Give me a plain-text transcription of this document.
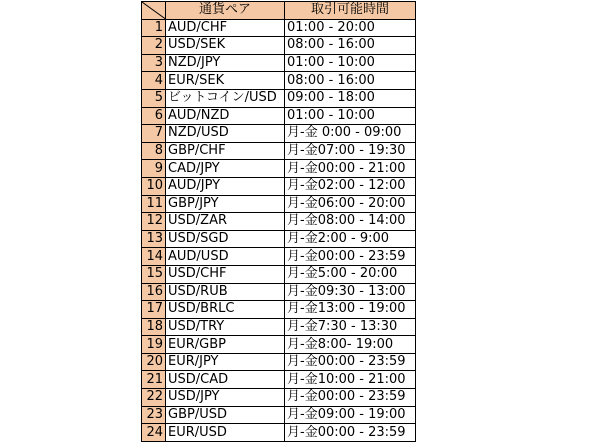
	通貨ペア	取引可能時間
1	AUD/CHF	01:00 - 20:00
2	USD/SEK	08:00 - 16:00
3	NZD/JPY	01:00 - 10:00
4	EUR/SEK	08:00 - 16:00
5	ビットコイン/USD	09:00 - 18:00
6	AUD/NZD	01:00 - 10:00
7	NZD/USD	月-金 0:00 - 09:00
8	GBP/CHF	月-金07:00 - 19:30
9	CAD/JPY	月-金00:00 - 21:00
10	AUD/JPY	月-金02:00 - 12:00
11	GBP/JPY	月-金06:00 - 20:00
12	USD/ZAR	月-金08:00 - 14:00
13	USD/SGD	月-金2:00 - 9:00
14	AUD/USD	月-金00:00 - 23:59
15	USD/CHF	月-金5:00 - 20:00
16	USD/RUB	月-金09:30 - 13:00
17	USD/BRLC	月-金13:00 - 19:00
18	USD/TRY	月-金7:30 - 13:30
19	EUR/GBP	月-金8:00- 19:00
20	EUR/JPY	月-金00:00 - 23:59
21	USD/CAD	月-金10:00 - 21:00
22	USD/JPY	月-金00:00 - 23:59
23	GBP/USD	月-金09:00 - 19:00
24	EUR/USD	月-金00:00 - 23:59
